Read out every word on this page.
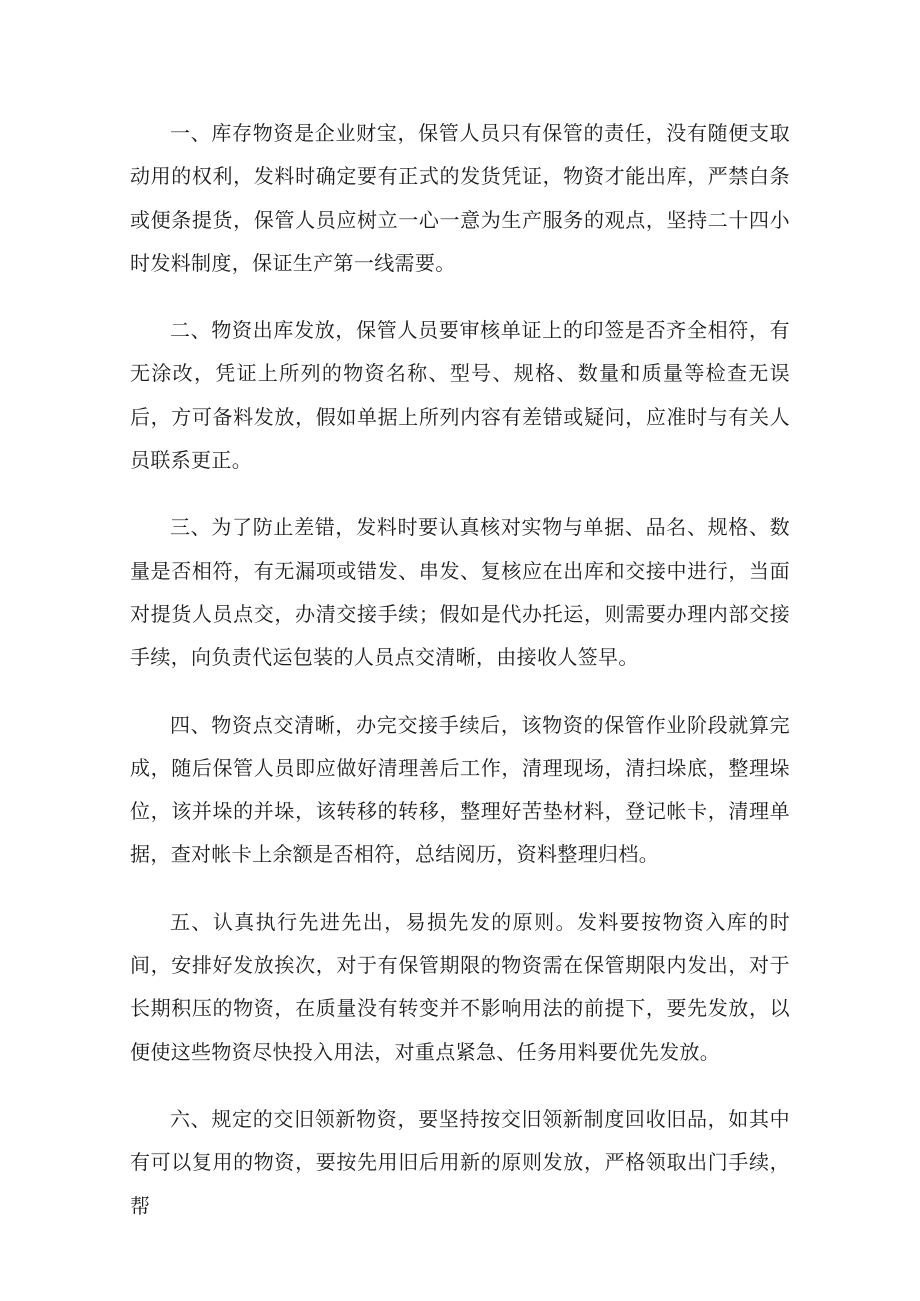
一、库存物资是企业财宝，保管人员只有保管的责任，没有随便支取动用的权利，发料时确定要有正式的发货凭证，物资才能出库，严禁白条或便条提货，保管人员应树立一心一意为生产服务的观点，坚持二十四小时发料制度，保证生产第一线需要。

二、物资出库发放，保管人员要审核单证上的印签是否齐全相符，有无涂改，凭证上所列的物资名称、型号、规格、数量和质量等检查无误后，方可备料发放，假如单据上所列内容有差错或疑问，应准时与有关人员联系更正。

三、为了防止差错，发料时要认真核对实物与单据、品名、规格、数量是否相符，有无漏项或错发、串发、复核应在出库和交接中进行，当面对提货人员点交，办清交接手续；假如是代办托运，则需要办理内部交接手续，向负责代运包装的人员点交清晰，由接收人签早。

四、物资点交清晰，办完交接手续后，该物资的保管作业阶段就算完成，随后保管人员即应做好清理善后工作，清理现场，清扫垛底，整理垛位，该并垛的并垛，该转移的转移，整理好苦垫材料，登记帐卡，清理单据，查对帐卡上余额是否相符，总结阅历，资料整理归档。

五、认真执行先进先出，易损先发的原则。发料要按物资入库的时间，安排好发放挨次，对于有保管期限的物资需在保管期限内发出，对于长期积压的物资，在质量没有转变并不影响用法的前提下，要先发放，以便使这些物资尽快投入用法，对重点紧急、任务用料要优先发放。

六、规定的交旧领新物资，要坚持按交旧领新制度回收旧品，如其中有可以复用的物资，要按先用旧后用新的原则发放，严格领取出门手续，帮
